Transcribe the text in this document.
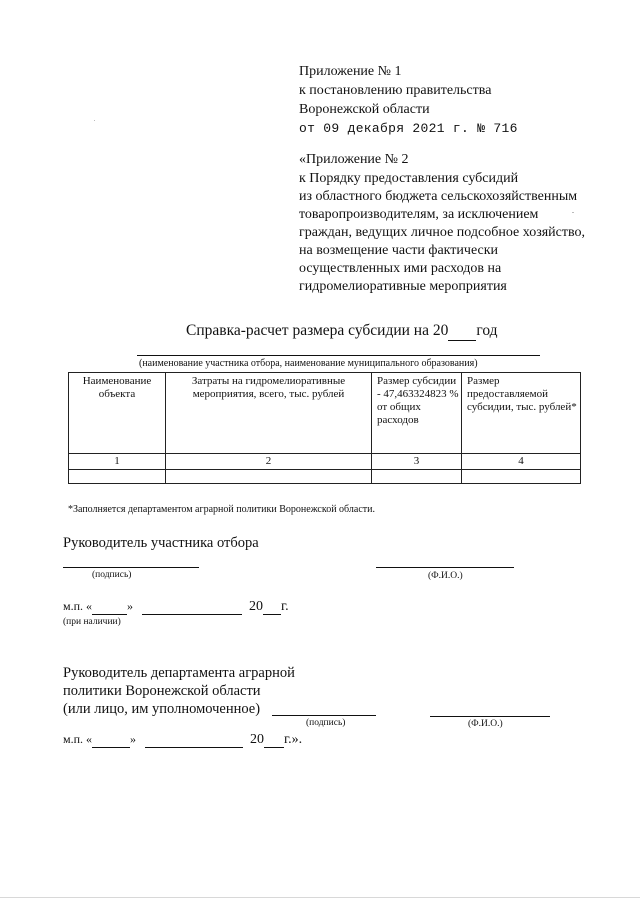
Приложение № 1
к постановлению правительства
Воронежской области
от 09 декабря 2021 г. № 716
«Приложение № 2
к Порядку предоставления субсидий
из областного бюджета сельскохозяйственным
товаропроизводителям, за исключением
граждан, ведущих личное подсобное хозяйство,
на возмещение части фактически
осуществленных ими расходов на
гидромелиоративные мероприятия
Справка-расчет размера субсидии на 20 год
(наименование участника отбора, наименование муниципального образования)
Наименование объекта	Затраты на гидромелиоративные мероприятия, всего, тыс. рублей	Размер субсидии - 47,463324823 % от общих расходов	Размер предоставляемой субсидии, тыс. рублей*
1	2	3	4

*Заполняется департаментом аграрной политики Воронежской области.
Руководитель участника отбора
(подпись)	(Ф.И.О.)
м.п. «	»	20 г.
(при наличии)
Руководитель департамента аграрной
политики Воронежской области
(или лицо, им уполномоченное)
(подпись)	(Ф.И.О.)
м.п. «	»	20 г.».
